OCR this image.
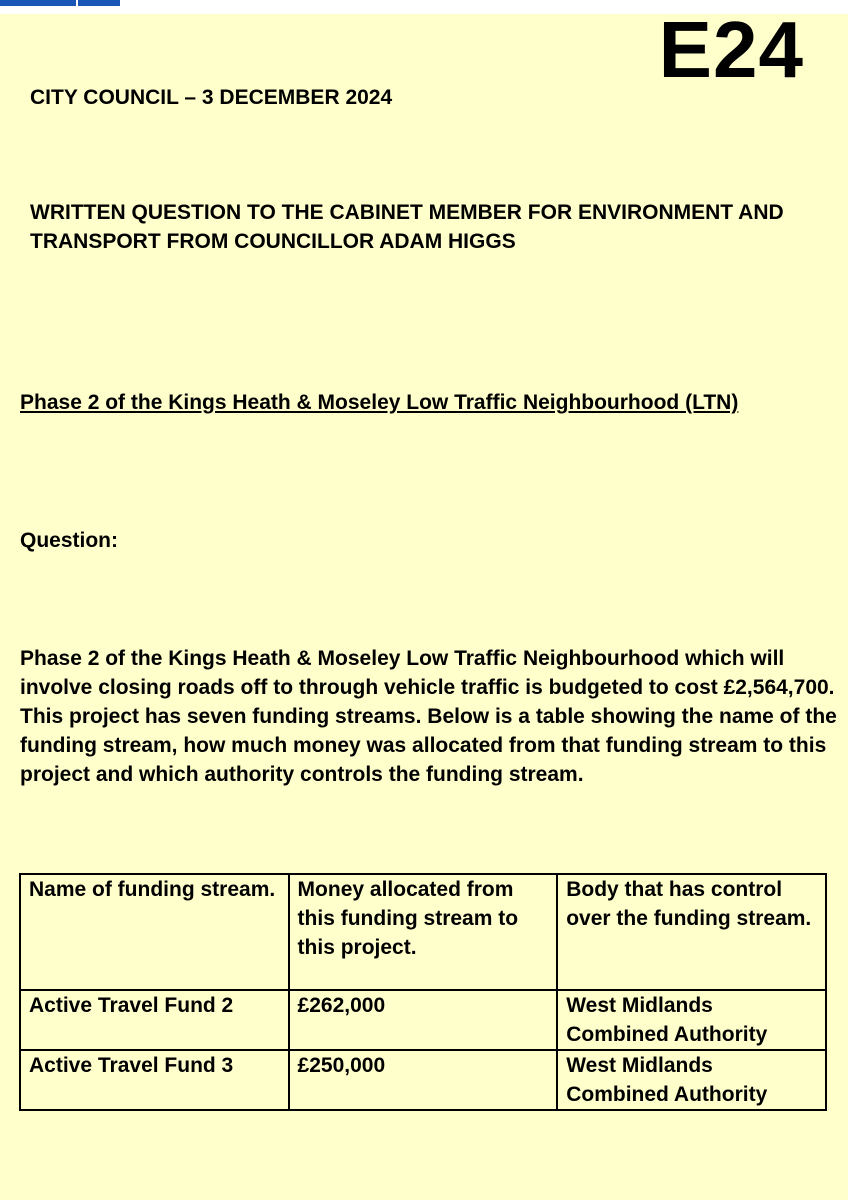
E24
CITY COUNCIL – 3 DECEMBER 2024
WRITTEN QUESTION TO THE CABINET MEMBER FOR ENVIRONMENT AND TRANSPORT FROM COUNCILLOR ADAM HIGGS
Phase 2 of the Kings Heath & Moseley Low Traffic Neighbourhood (LTN)
Question:

Phase 2 of the Kings Heath & Moseley Low Traffic Neighbourhood which will involve closing roads off to through vehicle traffic is budgeted to cost £2,564,700.

This project has seven funding streams. Below is a table showing the name of the funding stream, how much money was allocated from that funding stream to this project and which authority controls the funding stream.

Name of funding stream.	Money allocated from this funding stream to this project.	Body that has control over the funding stream.
Active Travel Fund 2	£262,000	West Midlands Combined Authority
Active Travel Fund 3	£250,000	West Midlands Combined Authority
